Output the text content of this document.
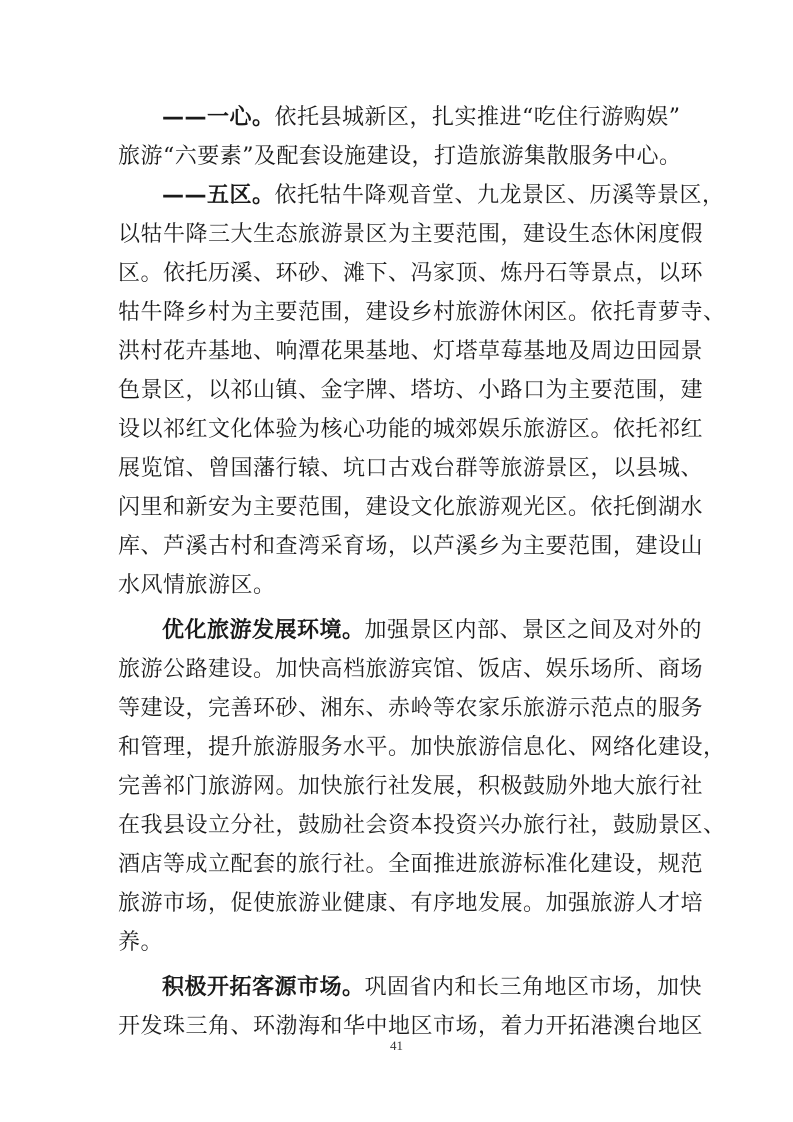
——一心。依托县城新区，扎实推进“吃住行游购娱”
旅游“六要素”及配套设施建设，打造旅游集散服务中心。
——五区。依托牯牛降观音堂、九龙景区、历溪等景区，
以牯牛降三大生态旅游景区为主要范围，建设生态休闲度假
区。依托历溪、环砂、滩下、冯家顶、炼丹石等景点，以环
牯牛降乡村为主要范围，建设乡村旅游休闲区。依托青萝寺、
洪村花卉基地、响潭花果基地、灯塔草莓基地及周边田园景
色景区，以祁山镇、金字牌、塔坊、小路口为主要范围，建
设以祁红文化体验为核心功能的城郊娱乐旅游区。依托祁红
展览馆、曾国藩行辕、坑口古戏台群等旅游景区，以县城、
闪里和新安为主要范围，建设文化旅游观光区。依托倒湖水
库、芦溪古村和查湾采育场，以芦溪乡为主要范围，建设山
水风情旅游区。
优化旅游发展环境。加强景区内部、景区之间及对外的
旅游公路建设。加快高档旅游宾馆、饭店、娱乐场所、商场
等建设，完善环砂、湘东、赤岭等农家乐旅游示范点的服务
和管理，提升旅游服务水平。加快旅游信息化、网络化建设，
完善祁门旅游网。加快旅行社发展，积极鼓励外地大旅行社
在我县设立分社，鼓励社会资本投资兴办旅行社，鼓励景区、
酒店等成立配套的旅行社。全面推进旅游标准化建设，规范
旅游市场，促使旅游业健康、有序地发展。加强旅游人才培
养。
积极开拓客源市场。巩固省内和长三角地区市场，加快
开发珠三角、环渤海和华中地区市场，着力开拓港澳台地区
41
